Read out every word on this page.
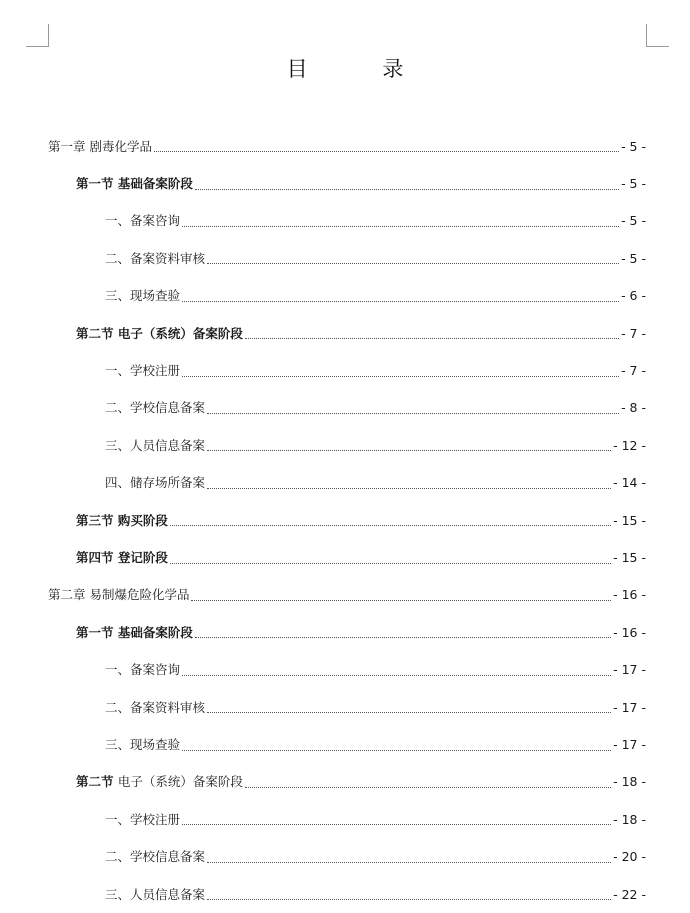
目 录
第一章 剧毒化学品	- 5 -
第一节 基础备案阶段	- 5 -
一、备案咨询	- 5 -
二、备案资料审核	- 5 -
三、现场查验	- 6 -
第二节 电子（系统）备案阶段	- 7 -
一、学校注册	- 7 -
二、学校信息备案	- 8 -
三、人员信息备案	- 12 -
四、储存场所备案	- 14 -
第三节 购买阶段	- 15 -
第四节 登记阶段	- 15 -
第二章 易制爆危险化学品	- 16 -
第一节 基础备案阶段	- 16 -
一、备案咨询	- 17 -
二、备案资料审核	- 17 -
三、现场查验	- 17 -
第二节 电子（系统）备案阶段	- 18 -
一、学校注册	- 18 -
二、学校信息备案	- 20 -
三、人员信息备案	- 22 -
